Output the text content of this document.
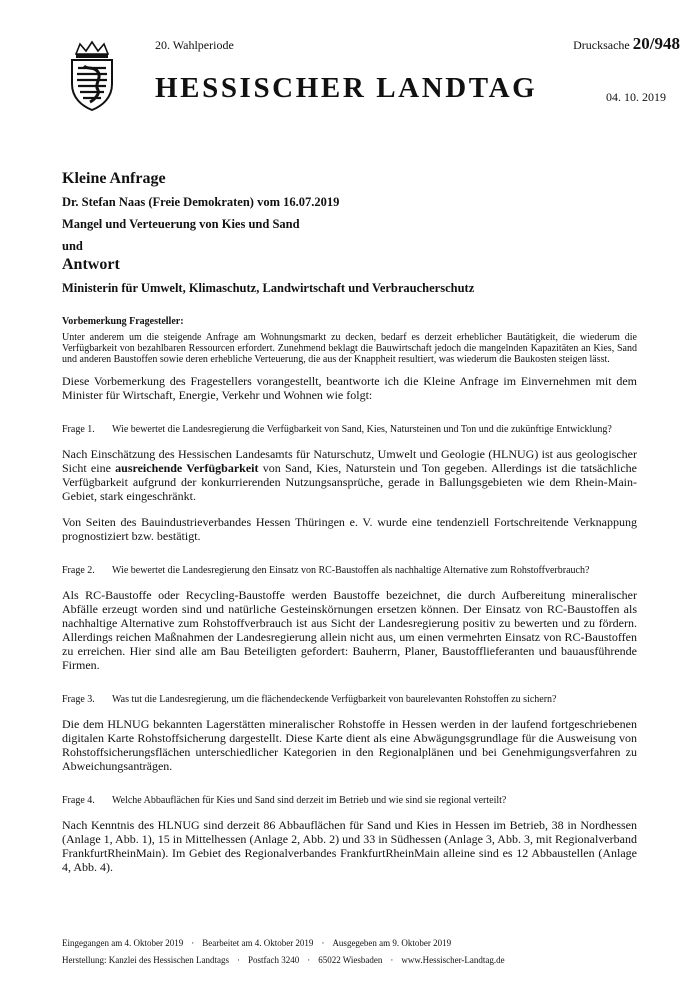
20. Wahlperiode	Drucksache 20/948
HESSISCHER LANDTAG	04. 10. 2019
Kleine Anfrage
Dr. Stefan Naas (Freie Demokraten) vom 16.07.2019
Mangel und Verteuerung von Kies und Sand
und
Antwort
Ministerin für Umwelt, Klimaschutz, Landwirtschaft und Verbraucherschutz
Vorbemerkung Fragesteller:
Unter anderem um die steigende Anfrage am Wohnungsmarkt zu decken, bedarf es derzeit erheblicher Bautätigkeit, die wiederum die Verfügbarkeit von bezahlbaren Ressourcen erfordert. Zunehmend beklagt die Bauwirtschaft jedoch die mangelnden Kapazitäten an Kies, Sand und anderen Baustoffen sowie deren erhebliche Verteuerung, die aus der Knappheit resultiert, was wiederum die Baukosten steigen lässt.
Diese Vorbemerkung des Fragestellers vorangestellt, beantworte ich die Kleine Anfrage im Einvernehmen mit dem Minister für Wirtschaft, Energie, Verkehr und Wohnen wie folgt:
Frage 1.	Wie bewertet die Landesregierung die Verfügbarkeit von Sand, Kies, Natursteinen und Ton und die zukünftige Entwicklung?
Nach Einschätzung des Hessischen Landesamts für Naturschutz, Umwelt und Geologie (HLNUG) ist aus geologischer Sicht eine ausreichende Verfügbarkeit von Sand, Kies, Naturstein und Ton gegeben. Allerdings ist die tatsächliche Verfügbarkeit aufgrund der konkurrierenden Nutzungsansprüche, gerade in Ballungsgebieten wie dem Rhein-Main-Gebiet, stark eingeschränkt.
Von Seiten des Bauindustrieverbandes Hessen Thüringen e. V. wurde eine tendenziell Fortschreitende Verknappung prognostiziert bzw. bestätigt.
Frage 2.	Wie bewertet die Landesregierung den Einsatz von RC-Baustoffen als nachhaltige Alternative zum Rohstoffverbrauch?
Als RC-Baustoffe oder Recycling-Baustoffe werden Baustoffe bezeichnet, die durch Aufbereitung mineralischer Abfälle erzeugt worden sind und natürliche Gesteinskörnungen ersetzen können. Der Einsatz von RC-Baustoffen als nachhaltige Alternative zum Rohstoffverbrauch ist aus Sicht der Landesregierung positiv zu bewerten und zu fördern. Allerdings reichen Maßnahmen der Landesregierung allein nicht aus, um einen vermehrten Einsatz von RC-Baustoffen zu erreichen. Hier sind alle am Bau Beteiligten gefordert: Bauherrn, Planer, Baustofflieferanten und bauausführende Firmen.
Frage 3.	Was tut die Landesregierung, um die flächendeckende Verfügbarkeit von baurelevanten Rohstoffen zu sichern?
Die dem HLNUG bekannten Lagerstätten mineralischer Rohstoffe in Hessen werden in der laufend fortgeschriebenen digitalen Karte Rohstoffsicherung dargestellt. Diese Karte dient als eine Abwägungsgrundlage für die Ausweisung von Rohstoffsicherungsflächen unterschiedlicher Kategorien in den Regionalplänen und bei Genehmigungsverfahren zu Abweichungsanträgen.
Frage 4.	Welche Abbauflächen für Kies und Sand sind derzeit im Betrieb und wie sind sie regional verteilt?
Nach Kenntnis des HLNUG sind derzeit 86 Abbauflächen für Sand und Kies in Hessen im Betrieb, 38 in Nordhessen (Anlage 1, Abb. 1), 15 in Mittelhessen (Anlage 2, Abb. 2) und 33 in Südhessen (Anlage 3, Abb. 3, mit Regionalverband FrankfurtRheinMain). Im Gebiet des Regionalverbandes FrankfurtRheinMain alleine sind es 12 Abbaustellen (Anlage 4, Abb. 4).
Eingegangen am 4. Oktober 2019 · Bearbeitet am 4. Oktober 2019 · Ausgegeben am 9. Oktober 2019
Herstellung: Kanzlei des Hessischen Landtags · Postfach 3240 · 65022 Wiesbaden · www.Hessischer-Landtag.de
